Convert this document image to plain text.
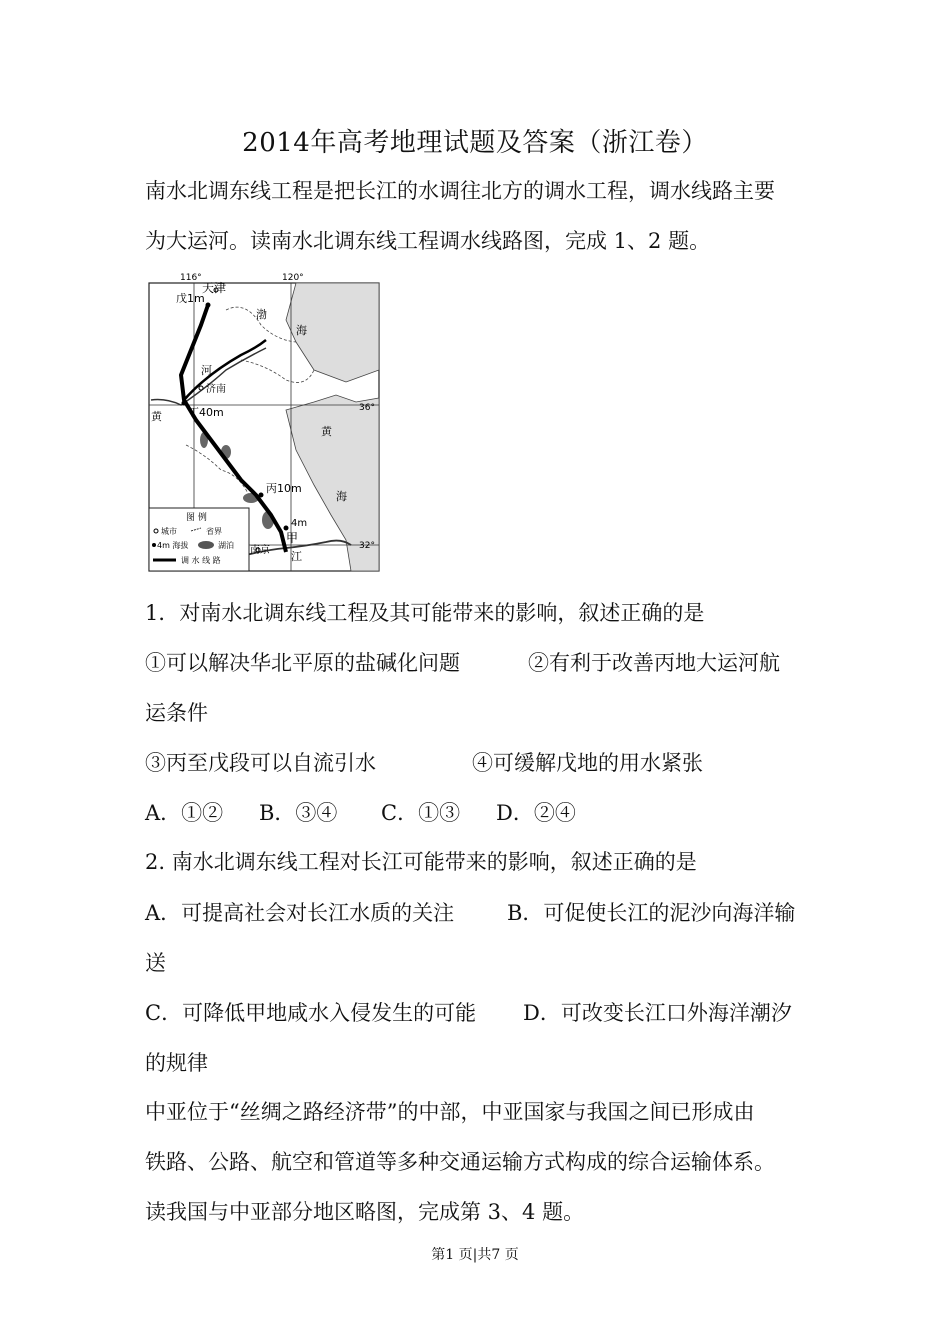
2014年高考地理试题及答案（浙江卷）
南水北调东线工程是把长江的水调往北方的调水工程，调水线路主要
为大运河。读南水北调东线工程调水线路图，完成 1、2 题。
116°	120°
36°
32°
天津
戊1m
济南
丁40m
丙10m
4m
甲
南京
渤
海
黄
河
黄
海
江
图 例
城市	省界
4m 海拔	湖泊
调 水 线 路
1．对南水北调东线工程及其可能带来的影响，叙述正确的是
①可以解决华北平原的盐碱化问题	②有利于改善丙地大运河航
运条件
③丙至戊段可以自流引水	④可缓解戊地的用水紧张
A．①② B．③④ C．①③ D．②④
2. 南水北调东线工程对长江可能带来的影响，叙述正确的是
A．可提高社会对长江水质的关注	B．可促使长江的泥沙向海洋输
送
C．可降低甲地咸水入侵发生的可能 D．可改变长江口外海洋潮汐
的规律
中亚位于“丝绸之路经济带”的中部，中亚国家与我国之间已形成由
铁路、公路、航空和管道等多种交通运输方式构成的综合运输体系。
读我国与中亚部分地区略图，完成第 3、4 题。
第1 页|共7 页
